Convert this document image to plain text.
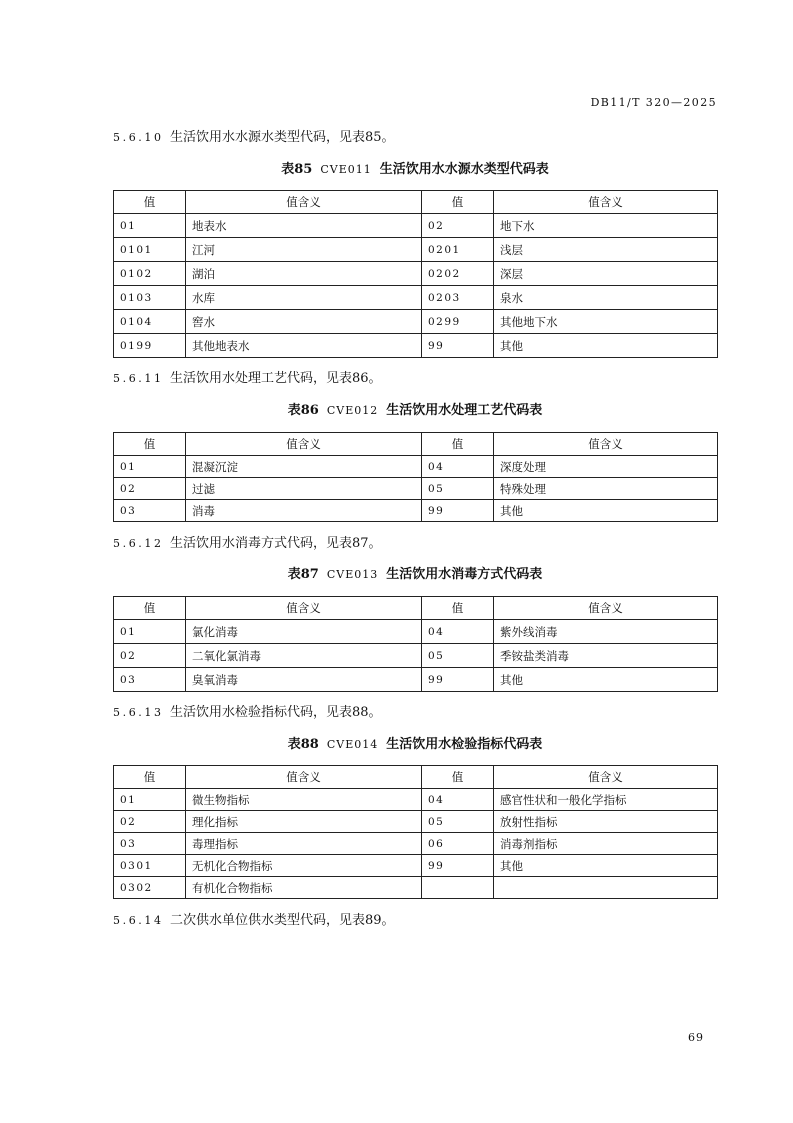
DB11/T 320—2025
5.6.10 生活饮用水水源水类型代码，见表85。
表85 CVE011 生活饮用水水源水类型代码表
值	值含义	值	值含义
01	地表水	02	地下水
0101	江河	0201	浅层
0102	湖泊	0202	深层
0103	水库	0203	泉水
0104	窖水	0299	其他地下水
0199	其他地表水	99	其他
5.6.11 生活饮用水处理工艺代码，见表86。
表86 CVE012 生活饮用水处理工艺代码表
值	值含义	值	值含义
01	混凝沉淀	04	深度处理
02	过滤	05	特殊处理
03	消毒	99	其他
5.6.12 生活饮用水消毒方式代码，见表87。
表87 CVE013 生活饮用水消毒方式代码表
值	值含义	值	值含义
01	氯化消毒	04	紫外线消毒
02	二氧化氯消毒	05	季铵盐类消毒
03	臭氧消毒	99	其他
5.6.13 生活饮用水检验指标代码，见表88。
表88 CVE014 生活饮用水检验指标代码表
值	值含义	值	值含义
01	微生物指标	04	感官性状和一般化学指标
02	理化指标	05	放射性指标
03	毒理指标	06	消毒剂指标
0301	无机化合物指标	99	其他
0302	有机化合物指标		
5.6.14 二次供水单位供水类型代码，见表89。
69
